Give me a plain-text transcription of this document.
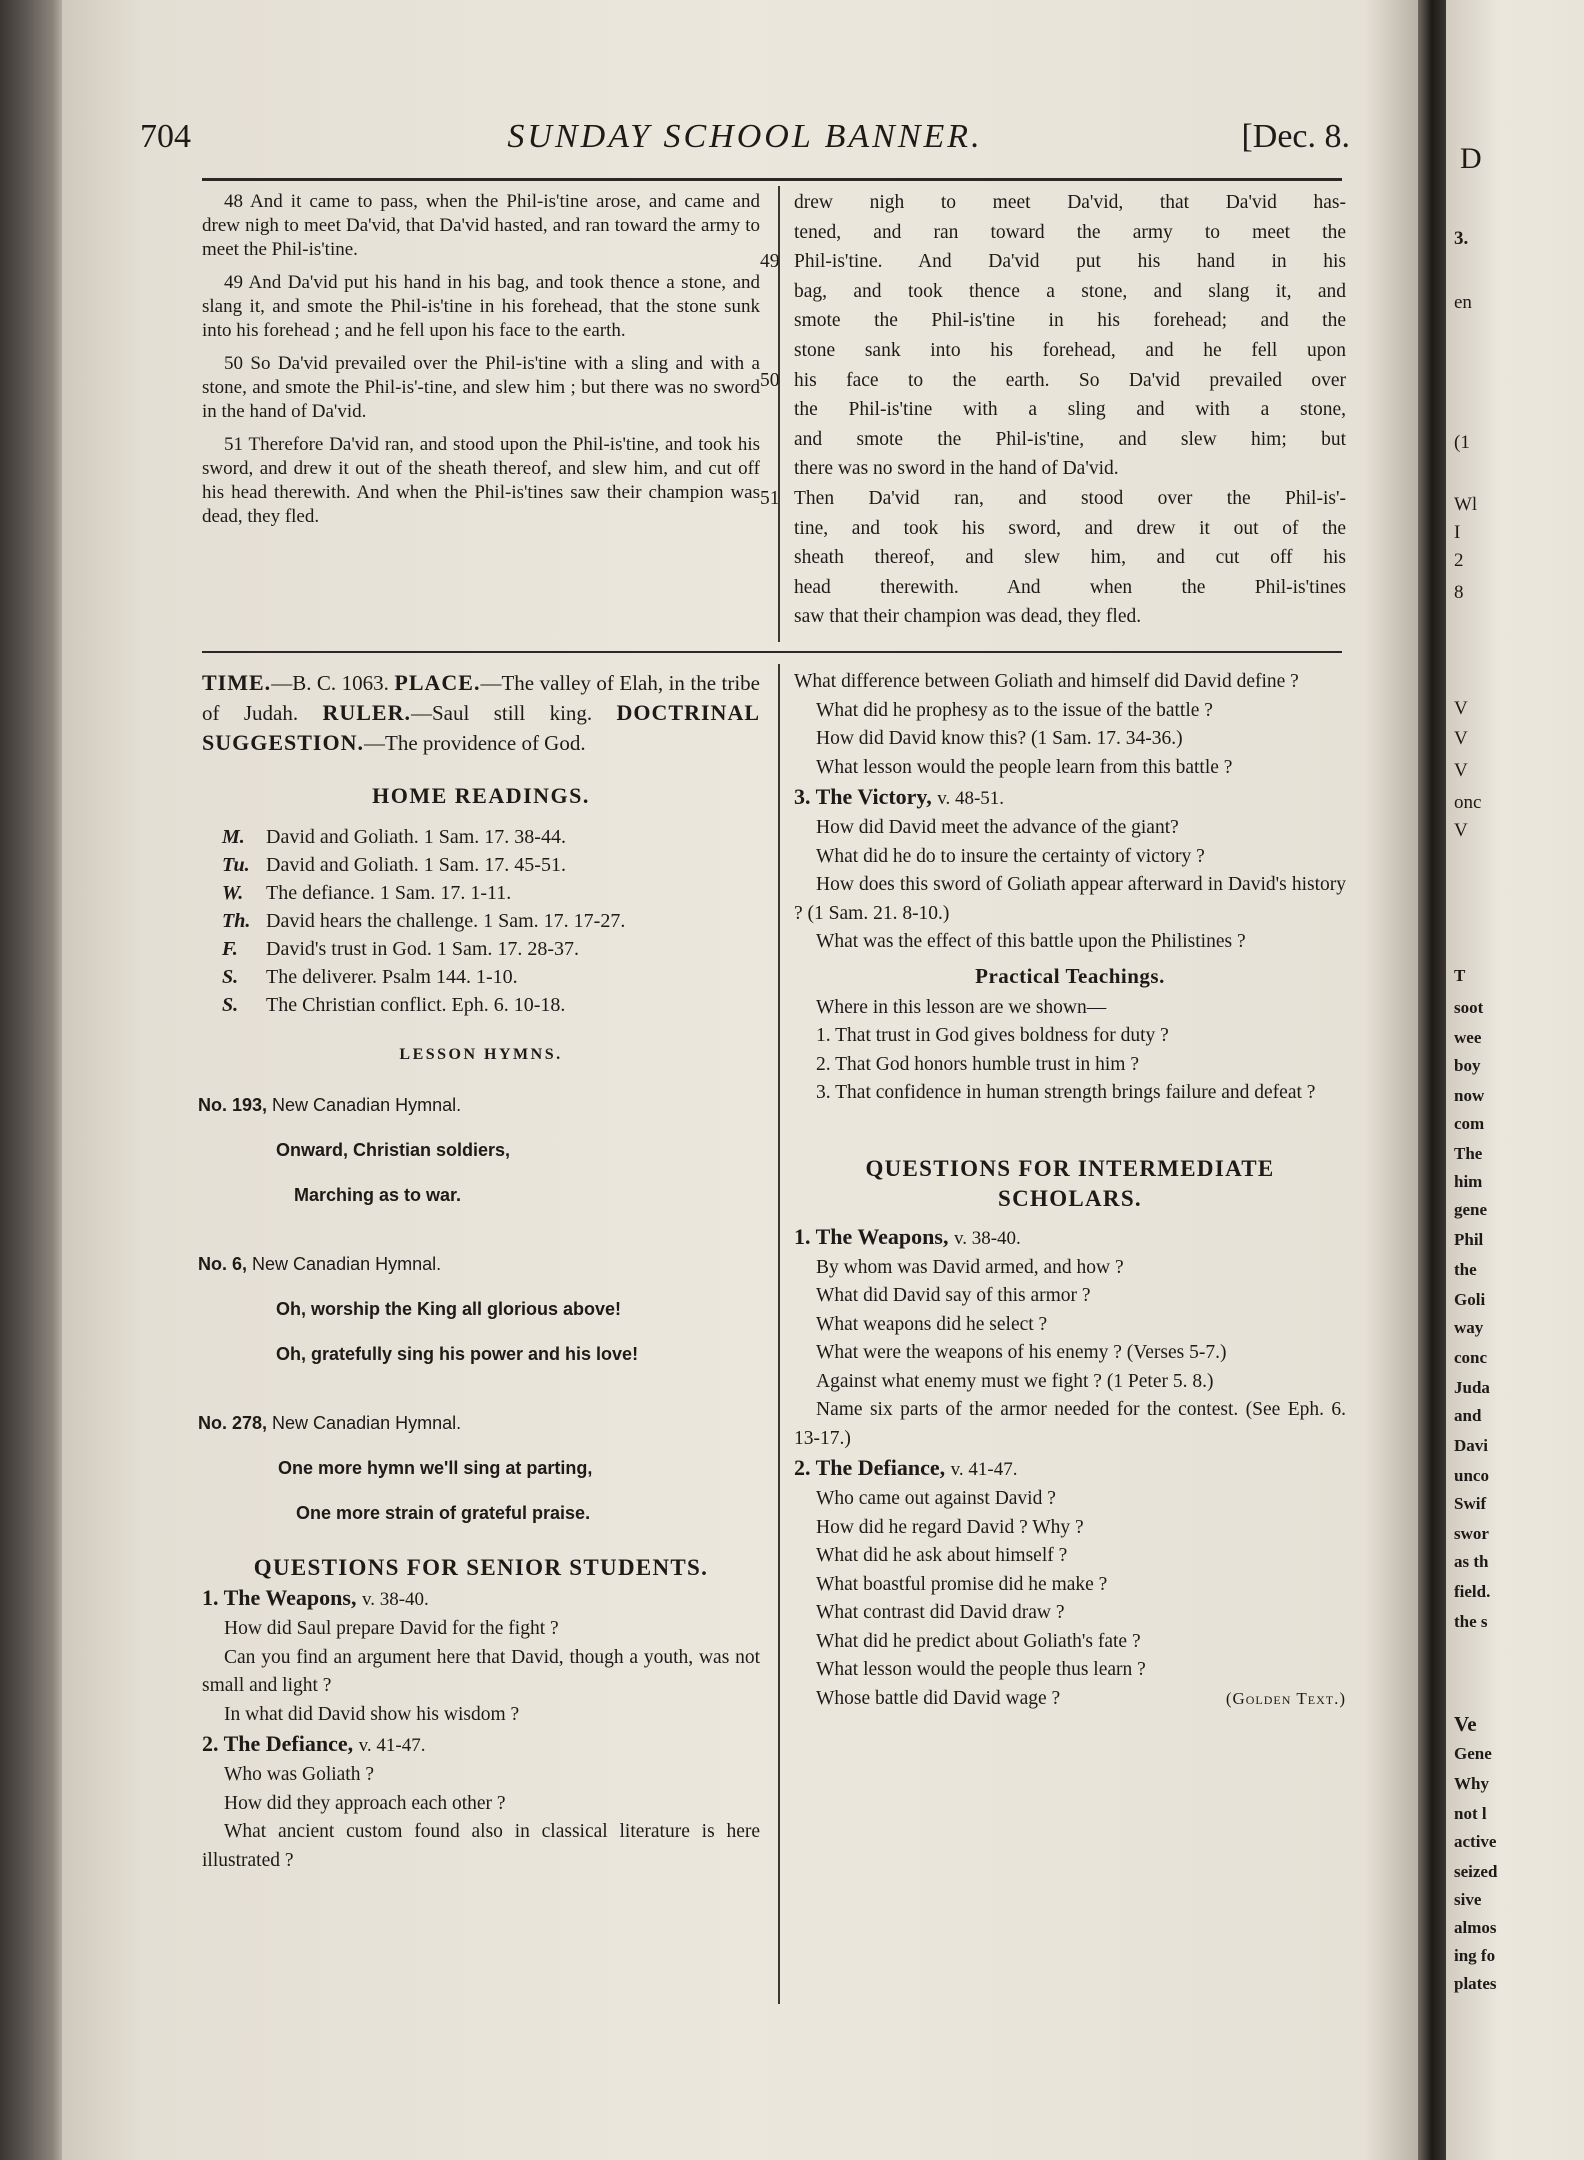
SUNDAY SCHOOL BANNER.
704	[Dec. 8.

48 And it came to pass, when the Phil-is'tine arose, and came and drew nigh to meet Da'vid, that Da'vid hasted, and ran toward the army to meet the Phil-is'tine.

49 And Da'vid put his hand in his bag, and took thence a stone, and slang it, and smote the Phil-is'tine in his forehead, that the stone sunk into his forehead ; and he fell upon his face to the earth.

50 So Da'vid prevailed over the Phil-is'tine with a sling and with a stone, and smote the Phil-is'-tine, and slew him ; but there was no sword in the hand of Da'vid.

51 Therefore Da'vid ran, and stood upon the Phil-is'tine, and took his sword, and drew it out of the sheath thereof, and slew him, and cut off his head therewith. And when the Phil-is'tines saw their champion was dead, they fled.

drew nigh to meet Da'vid, that Da'vid has-
tened, and ran toward the army to meet the
49 Phil-is'tine. And Da'vid put his hand in his
bag, and took thence a stone, and slang it, and
smote the Phil-is'tine in his forehead; and the
stone sank into his forehead, and he fell upon
50 his face to the earth. So Da'vid prevailed over
the Phil-is'tine with a sling and with a stone,
and smote the Phil-is'tine, and slew him; but
there was no sword in the hand of Da'vid.
51 Then Da'vid ran, and stood over the Phil-is'-
tine, and took his sword, and drew it out of the
sheath thereof, and slew him, and cut off his
head therewith. And when the Phil-is'tines
saw that their champion was dead, they fled.
TIME.—B. C. 1063. PLACE.—The valley of Elah, in the tribe of Judah. RULER.—Saul still king. DOCTRINAL SUGGESTION.—The providence of God.
HOME READINGS.
M.	David and Goliath. 1 Sam. 17. 38-44.
Tu. David and Goliath. 1 Sam. 17. 45-51.
W.	The defiance. 1 Sam. 17. 1-11.
Th. David hears the challenge. 1 Sam. 17. 17-27.
F.	David's trust in God. 1 Sam. 17. 28-37.
S.	The deliverer. Psalm 144. 1-10.
S.	The Christian conflict. Eph. 6. 10-18.
LESSON HYMNS.
No. 193, New Canadian Hymnal.
Onward, Christian soldiers,
Marching as to war.
No. 6, New Canadian Hymnal.
Oh, worship the King all glorious above!
Oh, gratefully sing his power and his love!
No. 278, New Canadian Hymnal.
One more hymn we'll sing at parting,
One more strain of grateful praise.
QUESTIONS FOR SENIOR STUDENTS.
1. The Weapons, v. 38-40.
How did Saul prepare David for the fight ?
Can you find an argument here that David, though a youth, was not small and light ?
In what did David show his wisdom ?
2. The Defiance, v. 41-47.
Who was Goliath ?
How did they approach each other ?
What ancient custom found also in classical literature is here illustrated ?
What difference between Goliath and himself did David define ?
What did he prophesy as to the issue of the battle ?
How did David know this? (1 Sam. 17. 34-36.)
What lesson would the people learn from this battle ?
3. The Victory, v. 48-51.
How did David meet the advance of the giant?
What did he do to insure the certainty of victory ?
How does this sword of Goliath appear afterward in David's history ? (1 Sam. 21. 8-10.)
What was the effect of this battle upon the Philistines ?
Practical Teachings.
Where in this lesson are we shown—
1. That trust in God gives boldness for duty ?
2. That God honors humble trust in him ?
3. That confidence in human strength brings failure and defeat ?
QUESTIONS FOR INTERMEDIATE
SCHOLARS.
1. The Weapons, v. 38-40.
By whom was David armed, and how ?
What did David say of this armor ?
What weapons did he select ?
What were the weapons of his enemy ? (Verses 5-7.)
Against what enemy must we fight ? (1 Peter 5. 8.)
Name six parts of the armor needed for the contest. (See Eph. 6. 13-17.)
2. The Defiance, v. 41-47.
Who came out against David ?
How did he regard David ? Why ?
What did he ask about himself ?
What boastful promise did he make ?
What contrast did David draw ?
What did he predict about Goliath's fate ?
What lesson would the people thus learn ?
Whose battle did David wage ?	(Golden Text.)
D
3.
en
(1
Wl
I
2
8
V
V
V
onc
V
T
soot
wee
boy
now
com
The
him
gene
Phil
the
Goli
way
conc
Juda
and
Davi
unco
Swif
swor
as th
field.
the s
Ve
Gene
Why
not l
active
seized
sive
almos
ing fo
plates
